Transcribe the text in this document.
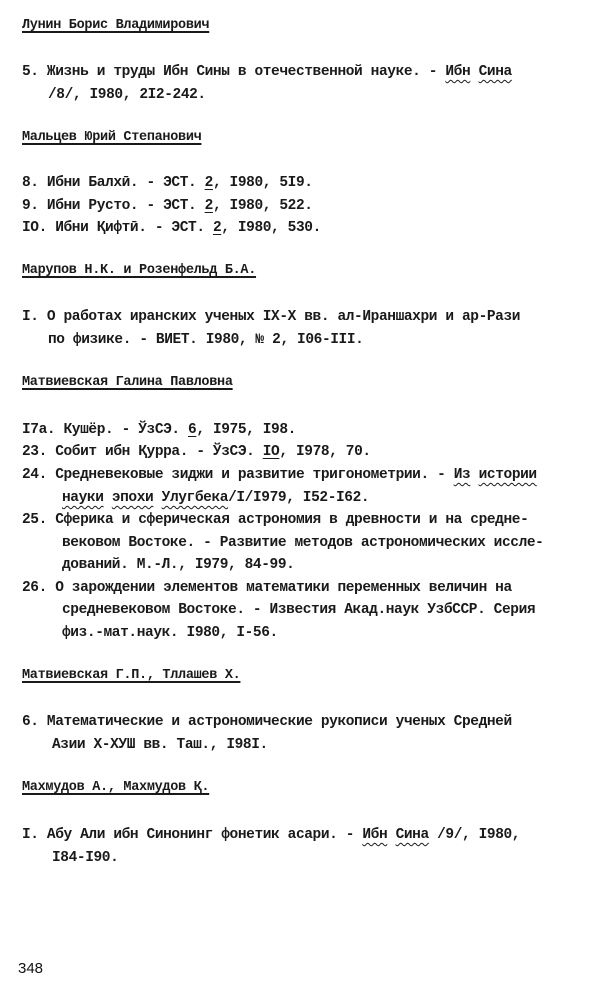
Лунин Борис Владимирович
5. Жизнь и труды Ибн Сины в отечественной науке. - Ибн Сина
/8/, I980, 2I2-242.
Мальцев Юрий Степанович
8. Ибни Балхӣ. - ЭСТ. 2, I980, 5I9.
9. Ибни Русто. - ЭСТ. 2, I980, 522.
IO. Ибни Қифтӣ. - ЭСТ. 2, I980, 530.
Марупов Н.К. и Розенфельд Б.А.
I. О работах иранских ученых IX-X вв. ал-Ираншахри и ар-Рази
по физике. - ВИЕТ. I980, № 2, I06-III.
Матвиевская Галина Павловна
I7а. Кушёр. - ЎзСЭ. 6, I975, I98.
23. Собит ибн Қурра. - ЎзСЭ. IO, I978, 70.
24. Средневековые зиджи и развитие тригонометрии. - Из истории
науки эпохи Улугбека/I/I979, I52-I62.
25. Сферика и сферическая астрономия в древности и на средне-
вековом Востоке. - Развитие методов астрономических иссле-
дований. М.-Л., I979, 84-99.
26. О зарождении элементов математики переменных величин на
средневековом Востоке. - Известия Акад.наук УзбССР. Серия
физ.-мат.наук. I980, I-56.
Матвиевская Г.П., Тллашев Х.
6. Математические и астрономические рукописи ученых Средней
Азии X-XУШ вв. Таш., I98I.
Махмудов А., Махмудов Қ.
I. Абу Али ибн Синонинг фонетик асари. - Ибн Сина /9/, I980,
I84-I90.
348
